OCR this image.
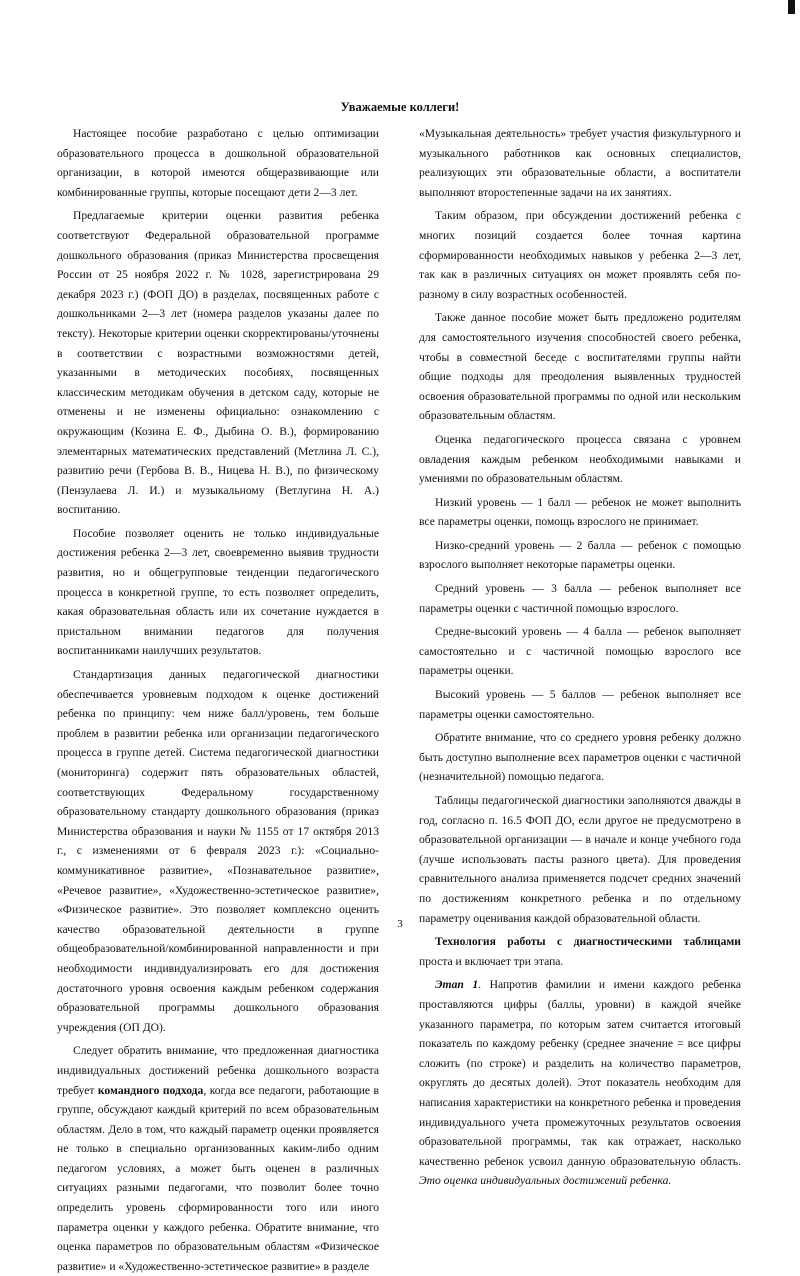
Уважаемые коллеги!

Настоящее пособие разработано с целью оптимизации образовательного процесса в дошкольной образовательной организации, в которой имеются общеразвивающие или комбинированные группы, которые посещают дети 2—3 лет.

Предлагаемые критерии оценки развития ребенка соответствуют Федеральной образовательной программе дошкольного образования (приказ Министерства просвещения России от 25 ноября 2022 г. № 1028, зарегистрирована 29 декабря 2023 г.) (ФОП ДО) в разделах, посвященных работе с дошкольниками 2—3 лет (номера разделов указаны далее по тексту). Некоторые критерии оценки скорректированы/уточнены в соответствии с возрастными возможностями детей, указанными в методических пособиях, посвященных классическим методикам обучения в детском саду, которые не отменены и не изменены официально: ознакомлению с окружающим (Козина Е. Ф., Дыбина О. В.), формированию элементарных математических представлений (Метлина Л. С.), развитию речи (Гербова В. В., Ницева Н. В.), по физическому (Пензулаева Л. И.) и музыкальному (Ветлугина Н. А.) воспитанию.

Пособие позволяет оценить не только индивидуальные достижения ребенка 2—3 лет, своевременно выявив трудности развития, но и общегрупповые тенденции педагогического процесса в конкретной группе, то есть позволяет определить, какая образовательная область или их сочетание нуждается в пристальном внимании педагогов для получения воспитанниками наилучших результатов.

Стандартизация данных педагогической диагностики обеспечивается уровневым подходом к оценке достижений ребенка по принципу: чем ниже балл/уровень, тем больше проблем в развитии ребенка или организации педагогического процесса в группе детей. Система педагогической диагностики (мониторинга) содержит пять образовательных областей, соответствующих Федеральному государственному образовательному стандарту дошкольного образования (приказ Министерства образования и науки № 1155 от 17 октября 2013 г., с изменениями от 6 февраля 2023 г.): «Социально-коммуникативное развитие», «Познавательное развитие», «Речевое развитие», «Художественно-эстетическое развитие», «Физическое развитие». Это позволяет комплексно оценить качество образовательной деятельности в группе общеобразовательной/комбинированной направленности и при необходимости индивидуализировать его для достижения достаточного уровня освоения каждым ребенком содержания образовательной программы дошкольного образования учреждения (ОП ДО).

Следует обратить внимание, что предложенная диагностика индивидуальных достижений ребенка дошкольного возраста требует командного подхода, когда все педагоги, работающие в группе, обсуждают каждый критерий по всем образовательным областям. Дело в том, что каждый параметр оценки проявляется не только в специально организованных каким-либо одним педагогом условиях, а может быть оценен в различных ситуациях разными педагогами, что позволит более точно определить уровень сформированности того или иного параметра оценки у каждого ребенка. Обратите внимание, что оценка параметров по образовательным областям «Физическое развитие» и «Художественно-эстетическое развитие» в разделе

«Музыкальная деятельность» требует участия физкультурного и музыкального работников как основных специалистов, реализующих эти образовательные области, а воспитатели выполняют второстепенные задачи на их занятиях.

Таким образом, при обсуждении достижений ребенка с многих позиций создается более точная картина сформированности необходимых навыков у ребенка 2—3 лет, так как в различных ситуациях он может проявлять себя по-разному в силу возрастных особенностей.

Также данное пособие может быть предложено родителям для самостоятельного изучения способностей своего ребенка, чтобы в совместной беседе с воспитателями группы найти общие подходы для преодоления выявленных трудностей освоения образовательной программы по одной или нескольким образовательным областям.

Оценка педагогического процесса связана с уровнем овладения каждым ребенком необходимыми навыками и умениями по образовательным областям.

Низкий уровень — 1 балл — ребенок не может выполнить все параметры оценки, помощь взрослого не принимает.

Низко-средний уровень — 2 балла — ребенок с помощью взрослого выполняет некоторые параметры оценки.

Средний уровень — 3 балла — ребенок выполняет все параметры оценки с частичной помощью взрослого.

Средне-высокий уровень — 4 балла — ребенок выполняет самостоятельно и с частичной помощью взрослого все параметры оценки.

Высокий уровень — 5 баллов — ребенок выполняет все параметры оценки самостоятельно.

Обратите внимание, что со среднего уровня ребенку должно быть доступно выполнение всех параметров оценки с частичной (незначительной) помощью педагога.

Таблицы педагогической диагностики заполняются дважды в год, согласно п. 16.5 ФОП ДО, если другое не предусмотрено в образовательной организации — в начале и конце учебного года (лучше использовать пасты разного цвета). Для проведения сравнительного анализа применяется подсчет средних значений по достижениям конкретного ребенка и по отдельному параметру оценивания каждой образовательной области.

Технология работы с диагностическими таблицами проста и включает три этапа.

Этап 1. Напротив фамилии и имени каждого ребенка проставляются цифры (баллы, уровни) в каждой ячейке указанного параметра, по которым затем считается итоговый показатель по каждому ребенку (среднее значение = все цифры сложить (по строке) и разделить на количество параметров, округлять до десятых долей). Этот показатель необходим для написания характеристики на конкретного ребенка и проведения индивидуального учета промежуточных результатов освоения образовательной программы, так как отражает, насколько качественно ребенок усвоил данную образовательную область. Это оценка индивидуальных достижений ребенка.

3
